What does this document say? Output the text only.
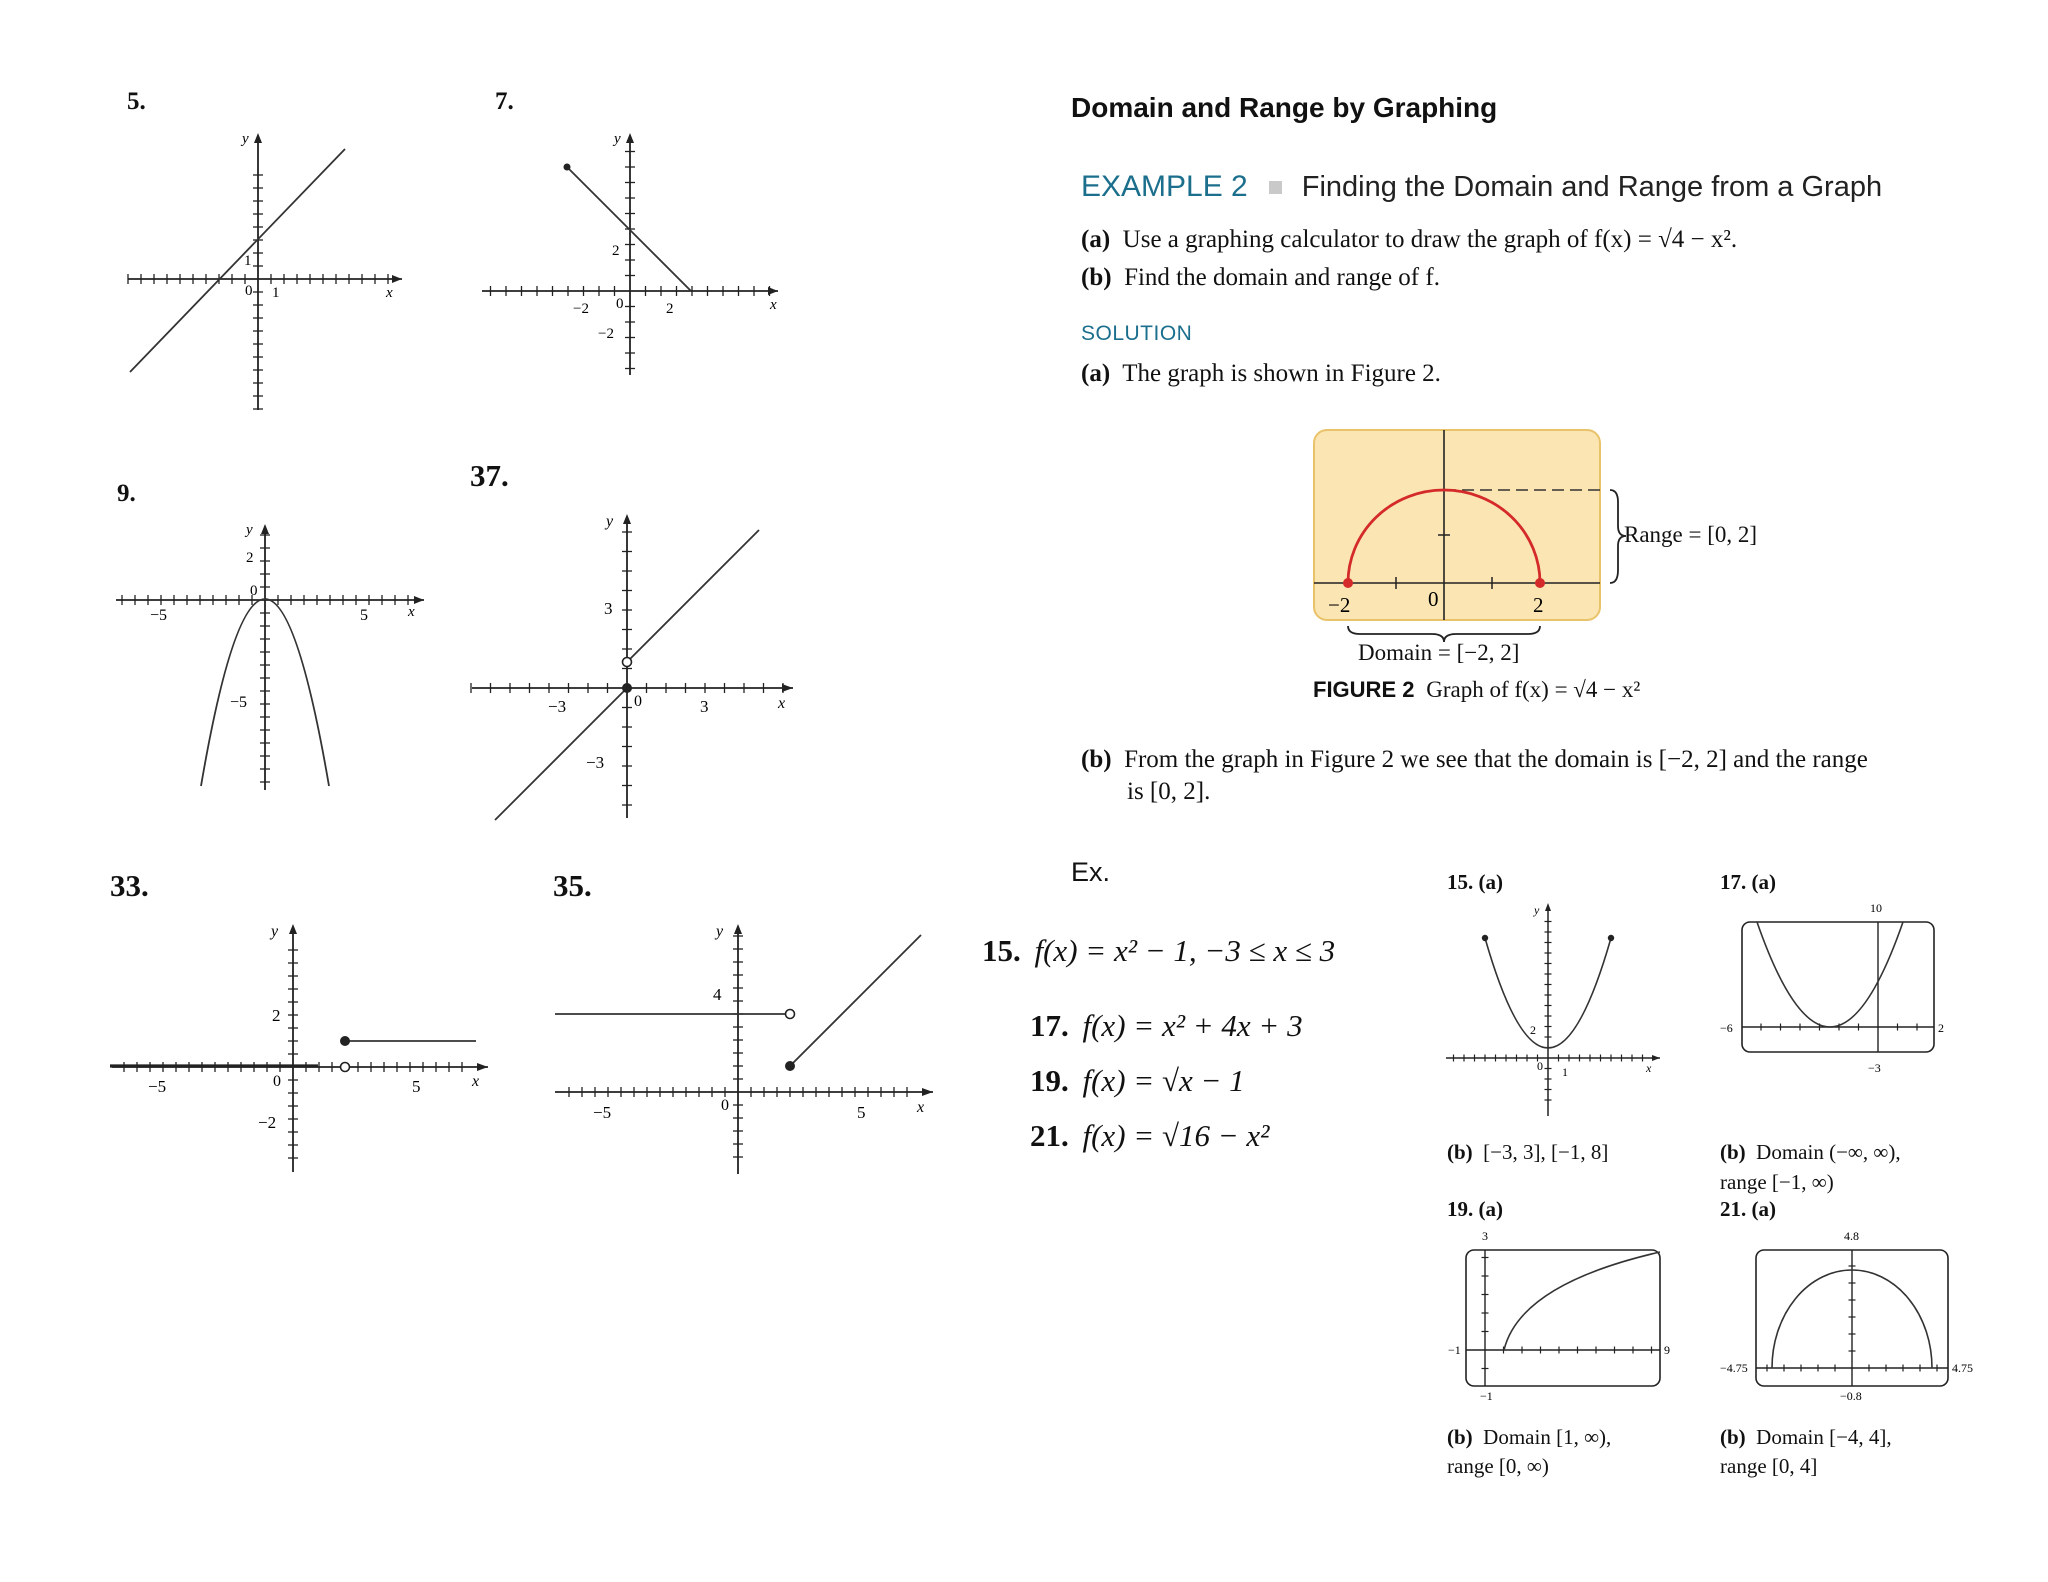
5.
0 1
1
x
y
7.
−2 0	2
2
−2
x
y
9.
−5
0
5
2
−5
x
y
37.
−3	0	3
3
−3
x
y
33.
−5	0	5
2
−2
x
y
35.
−5	0	5
4
x
y
Domain and Range by Graphing
EXAMPLE 2 Finding the Domain and Range from a Graph
(a) Use a graphing calculator to draw the graph of f(x) = √4 − x².
(b) Find the domain and range of f.
SOLUTION
(a) The graph is shown in Figure 2.
−2	0	2
Range = [0, 2]
Domain = [−2, 2]
FIGURE 2 Graph of f(x) = √4 − x²
(b) From the graph in Figure 2 we see that the domain is [−2, 2] and the range
is [0, 2].
Ex.
15. f(x) = x² − 1, −3 ≤ x ≤ 3
17. f(x) = x² + 4x + 3
19. f(x) = √x − 1
21. f(x) = √16 − x²
15. (a)
2
0 1
y
x
(b) [−3, 3], [−1, 8]
17. (a)
10
−6	2
−3
(b) Domain (−∞, ∞),
range [−1, ∞)
19. (a)
3
−1	9
−1
(b) Domain [1, ∞),
range [0, ∞)
21. (a)
4.8
−4.75	4.75
−0.8
(b) Domain [−4, 4],
range [0, 4]
